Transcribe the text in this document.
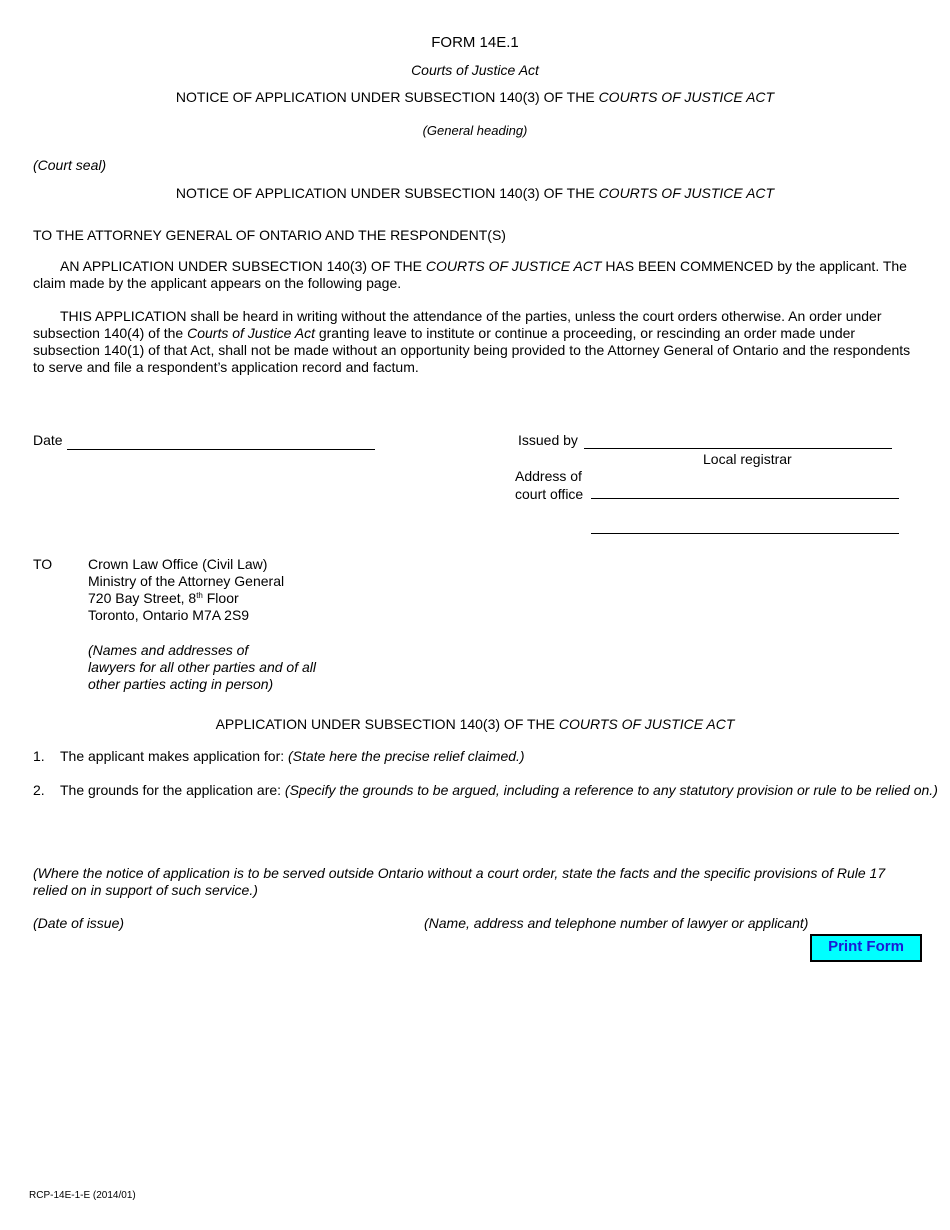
FORM 14E.1
Courts of Justice Act
NOTICE OF APPLICATION UNDER SUBSECTION 140(3) OF THE COURTS OF JUSTICE ACT
(General heading)
(Court seal)
NOTICE OF APPLICATION UNDER SUBSECTION 140(3) OF THE COURTS OF JUSTICE ACT
TO THE ATTORNEY GENERAL OF ONTARIO AND THE RESPONDENT(S)

AN APPLICATION UNDER SUBSECTION 140(3) OF THE COURTS OF JUSTICE ACT HAS BEEN COMMENCED by the applicant. The claim made by the applicant appears on the following page.

THIS APPLICATION shall be heard in writing without the attendance of the parties, unless the court orders otherwise. An order under subsection 140(4) of the Courts of Justice Act granting leave to institute or continue a proceeding, or rescinding an order made under subsection 140(1) of that Act, shall not be made without an opportunity being provided to the Attorney General of Ontario and the respondents to serve and file a respondent’s application record and factum.

Date	Issued by
Local registrar
Address of
court office
TO	Crown Law Office (Civil Law)
Ministry of the Attorney General
720 Bay Street, 8th Floor
Toronto, Ontario M7A 2S9
(Names and addresses of
lawyers for all other parties and of all
other parties acting in person)
APPLICATION UNDER SUBSECTION 140(3) OF THE COURTS OF JUSTICE ACT
1. The applicant makes application for: (State here the precise relief claimed.)
2. The grounds for the application are: (Specify the grounds to be argued, including a reference to any statutory provision or rule to be relied on.)
(Where the notice of application is to be served outside Ontario without a court order, state the facts and the specific provisions of Rule 17 relied on in support of such service.)
(Date of issue)	(Name, address and telephone number of lawyer or applicant)
Print Form
RCP-14E-1-E (2014/01)
